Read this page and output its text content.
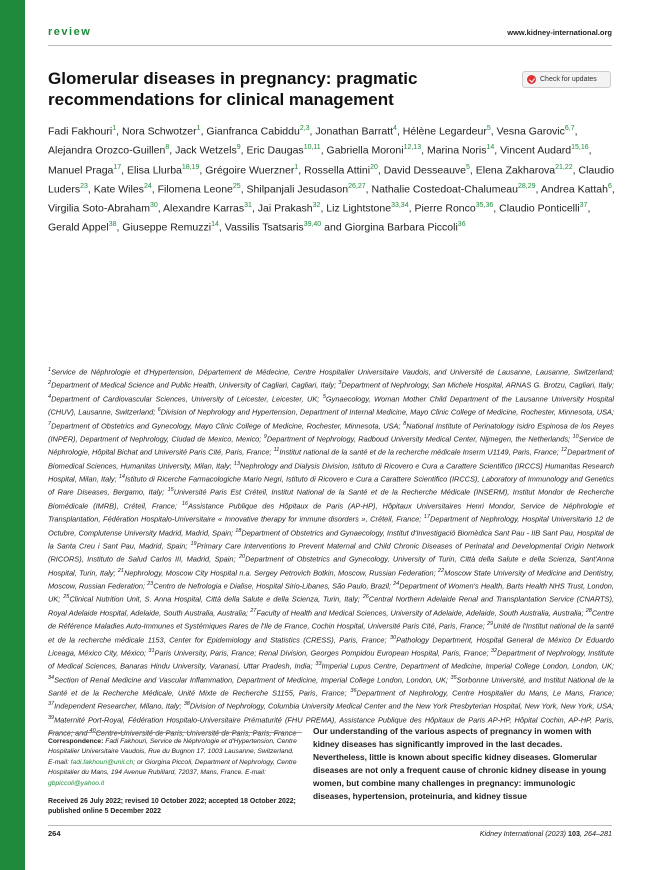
review	www.kidney-international.org
Glomerular diseases in pregnancy: pragmatic recommendations for clinical management
Check for updates
Fadi Fakhouri$^1$, Nora Schwotzer$^1$, Gianfranca Cabiddu$^{2,3}$, Jonathan Barratt$^4$, Hélène Legardeur$^5$, Vesna Garovic$^{6,7}$, Alejandra Orozco-Guillen$^8$, Jack Wetzels$^9$, Eric Daugas$^{10,11}$, Gabriella Moroni$^{12,13}$, Marina Noris$^{14}$, Vincent Audard$^{15,16}$, Manuel Praga$^{17}$, Elisa Llurba$^{18,19}$, Grégoire Wuerzner$^1$, Rossella Attini$^{20}$, David Desseauve$^5$, Elena Zakharova$^{21,22}$, Claudio Luders$^{23}$, Kate Wiles$^{24}$, Filomena Leone$^{25}$, Shilpanjali Jesudason$^{26,27}$, Nathalie Costedoat-Chalumeau$^{28,29}$, Andrea Kattah$^6$, Virgilia Soto-Abraham$^{30}$, Alexandre Karras$^{31}$, Jai Prakash$^{32}$, Liz Lightstone$^{33,34}$, Pierre Ronco$^{35,36}$, Claudio Ponticelli$^{37}$, Gerald Appel$^{38}$, Giuseppe Remuzzi$^{14}$, Vassilis Tsatsaris$^{39,40}$ and Giorgina Barbara Piccoli$^{36}$
$^1$Service de Néphrologie et d'Hypertension, Département de Médecine, Centre Hospitalier Universitaire Vaudois, and Université de Lausanne, Lausanne, Switzerland; $^2$Department of Medical Science and Public Health, University of Cagliari, Cagliari, Italy; $^3$Department of Nephrology, San Michele Hospital, ARNAS G. Brotzu, Cagliari, Italy; $^4$Department of Cardiovascular Sciences, University of Leicester, Leicester, UK; $^5$Gynaecology, Woman Mother Child Department of the Lausanne University Hospital (CHUV), Lausanne, Switzerland; $^6$Division of Nephrology and Hypertension, Department of Internal Medicine, Mayo Clinic College of Medicine, Rochester, Minnesota, USA; $^7$Department of Obstetrics and Gynecology, Mayo Clinic College of Medicine, Rochester, Minnesota, USA; $^8$National Institute of Perinatology Isidro Espinosa de los Reyes (INPER), Department of Nephrology, Ciudad de Mexico, Mexico; $^9$Department of Nephrology, Radboud University Medical Center, Nijmegen, the Netherlands; $^{10}$Service de Néphrologie, Hôpital Bichat and Université Paris Cité, Paris, France; $^{11}$Institut national de la santé et de la recherche médicale Inserm U1149, Paris, France; $^{12}$Department of Biomedical Sciences, Humanitas University, Milan, Italy; $^{13}$Nephrology and Dialysis Division, Istituto di Ricovero e Cura a Carattere Scientifico (IRCCS) Humanitas Research Hospital, Milan, Italy; $^{14}$Istituto di Ricerche Farmacologiche Mario Negri, Istituto di Ricovero e Cura a Carattere Scientifico (IRCCS), Laboratory of Immunology and Genetics of Rare Diseases, Bergamo, Italy; $^{15}$Université Paris Est Créteil, Institut National de la Santé et de la Recherche Médicale (INSERM), Institut Mondor de Recherche Biomédicale (IMRB), Créteil, France; $^{16}$Assistance Publique des Hôpitaux de Paris (AP-HP), Hôpitaux Universitaires Henri Mondor, Service de Néphrologie et Transplantation, Fédération Hospitalo-Universitaire « Innovative therapy for immune disorders », Créteil, France; $^{17}$Department of Nephrology, Hospital Universitario 12 de Octubre, Complutense University Madrid, Madrid, Spain; $^{18}$Department of Obstetrics and Gynaecology, Institut d'Investigació Biomèdica Sant Pau - IIB Sant Pau, Hospital de la Santa Creu i Sant Pau, Madrid, Spain; $^{19}$Primary Care Interventions to Prevent Maternal and Child Chronic Diseases of Perinatal and Developmental Origin Network (RICORS), Instituto de Salud Carlos III, Madrid, Spain; $^{20}$Department of Obstetrics and Gynecology, University of Turin, Città della Salute e della Scienza, Sant'Anna Hospital, Turin, Italy; $^{21}$Nephrology, Moscow City Hospital n.a. Sergey Petrovich Botkin, Moscow, Russian Federation; $^{22}$Moscow State University of Medicine and Dentistry, Moscow, Russian Federation; $^{23}$Centro de Nefrologia e Dialise, Hospital Sirio-Libanes, São Paulo, Brazil; $^{24}$Department of Women's Health, Barts Health NHS Trust, London, UK; $^{25}$Clinical Nutrition Unit, S. Anna Hospital, Città della Salute e della Scienza, Turin, Italy; $^{26}$Central Northern Adelaide Renal and Transplantation Service (CNARTS), Royal Adelaide Hospital, Adelaide, South Australia, Australia; $^{27}$Faculty of Health and Medical Sciences, University of Adelaide, Adelaide, South Australia, Australia; $^{28}$Centre de Référence Maladies Auto-Immunes et Systémiques Rares de l'Ile de France, Cochin Hospital, Université Paris Cité, Paris, France; $^{29}$Unité de l'Institut national de la santé et de la recherche médicale 1153, Center for Epidemiology and Statistics (CRESS), Paris, France; $^{30}$Pathology Department, Hospital General de México Dr Eduardo Liceaga, México City, México; $^{31}$Paris University, Paris, France; Renal Division, Georges Pompidou European Hospital, Paris, France; $^{32}$Department of Nephrology, Institute of Medical Sciences, Banaras Hindu University, Varanasi, Uttar Pradesh, India; $^{33}$Imperial Lupus Centre, Department of Medicine, Imperial College London, London, UK; $^{34}$Section of Renal Medicine and Vascular Inflammation, Department of Medicine, Imperial College London, London, UK; $^{35}$Sorbonne Université, and Institut National de la Santé et de la Recherche Médicale, Unité Mixte de Recherche S1155, Paris, France; $^{36}$Department of Nephrology, Centre Hospitalier du Mans, Le Mans, France; $^{37}$Independent Researcher, Milano, Italy; $^{38}$Division of Nephrology, Columbia University Medical Center and the New York Presbyterian Hospital, New York, New York, USA; $^{39}$Maternité Port-Royal, Fédération Hospitalo-Universitaire Prématurité (FHU PREMA), Assistance Publique des Hôpitaux de Paris AP-HP, Hôpital Cochin, AP-HP, Paris, France; and $^{40}$Centre-Université de Paris, Université de Paris, Paris, France
Correspondence: Fadi Fakhouri, Service de Néphrologie et d'Hypertension, Centre Hospitalier Universitaire Vaudois, Rue du Bugnon 17, 1003 Lausanne, Switzerland. E-mail: fadi.fakhouri@unil.ch; or Giorgina Piccoli, Department of Nephrology, Centre Hospitalier du Mans, 194 Avenue Rubillard, 72037, Mans, France. E-mail: gbpiccoli@yahoo.it
Received 26 July 2022; revised 10 October 2022; accepted 18 October 2022; published online 5 December 2022
Our understanding of the various aspects of pregnancy in women with kidney diseases has significantly improved in the last decades. Nevertheless, little is known about specific kidney diseases. Glomerular diseases are not only a frequent cause of chronic kidney disease in young women, but combine many challenges in pregnancy: immunologic diseases, hypertension, proteinuria, and kidney tissue
264	Kidney International (2023) 103, 264–281
